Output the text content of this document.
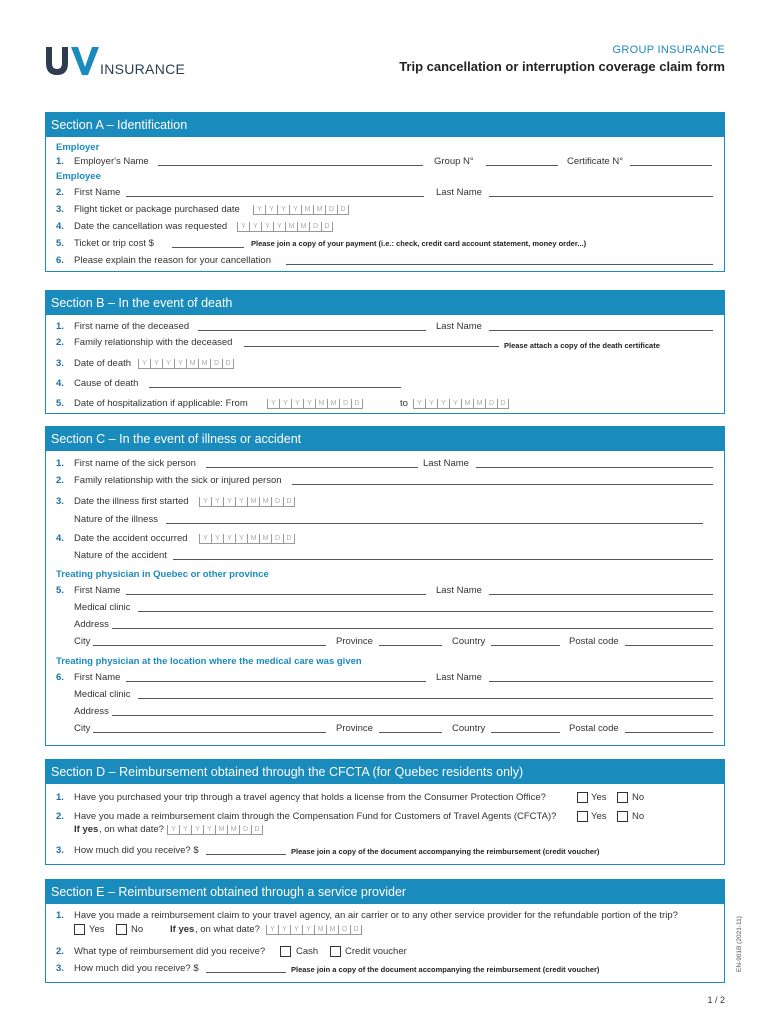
INSURANCE
GROUP INSURANCE
Trip cancellation or interruption coverage claim form
Section A – Identification
Employer
1. Employer's Name	Group N°	Certificate N°
Employee
2. First Name	Last Name
3. Flight ticket or package purchased date	Y	Y	Y	Y M M D D
4. Date the cancellation was requested	Y	Y	Y	Y M M D D
5. Ticket or trip cost $	Please join a copy of your payment (i.e.: check, credit card account statement, money order...)
6. Please explain the reason for your cancellation
Section B – In the event of death
1. First name of the deceased	Last Name
2. Family relationship with the deceased	Please attach a copy of the death certificate
3. Date of death	Y	Y	Y	Y M M D D
4. Cause of death
5. Date of hospitalization if applicable: From	Y	Y	Y	Y M M D D	to	Y	Y	Y	Y M M D D
Section C – In the event of illness or accident
1. First name of the sick person	Last Name
2. Family relationship with the sick or injured person
3. Date the illness first started	Y	Y	Y	Y M M D D
Nature of the illness
4. Date the accident occurred	Y	Y	Y	Y M M D D
Nature of the accident
Treating physician in Quebec or other province
5. First Name	Last Name
Medical clinic
Address
City	Province	Country	Postal code
Treating physician at the location where the medical care was given
6. First Name	Last Name
Medical clinic
Address
City	Province	Country	Postal code
Section D – Reimbursement obtained through the CFCTA (for Quebec residents only)
1. Have you purchased your trip through a travel agency that holds a license from the Consumer Protection Office?	Yes	No
2. Have you made a reimbursement claim through the Compensation Fund for Customers of Travel Agents (CFCTA)?	Yes	No
If yes , on what date?	Y	Y	Y	Y M M D D
3. How much did you receive? $	Please join a copy of the document accompanying the reimbursement (credit voucher)
Section E – Reimbursement obtained through a service provider
1. Have you made a reimbursement claim to your travel agency, an air carrier or to any other service provider for the refundable portion of the trip?
Yes	No	If yes , on what date?	Y	Y	Y	Y M M D D
2. What type of reimbursement did you receive?	Cash	Credit voucher
3. How much did you receive? $	Please join a copy of the document accompanying the reimbursement (credit voucher)	EN-901B (2021-11)
1 / 2
